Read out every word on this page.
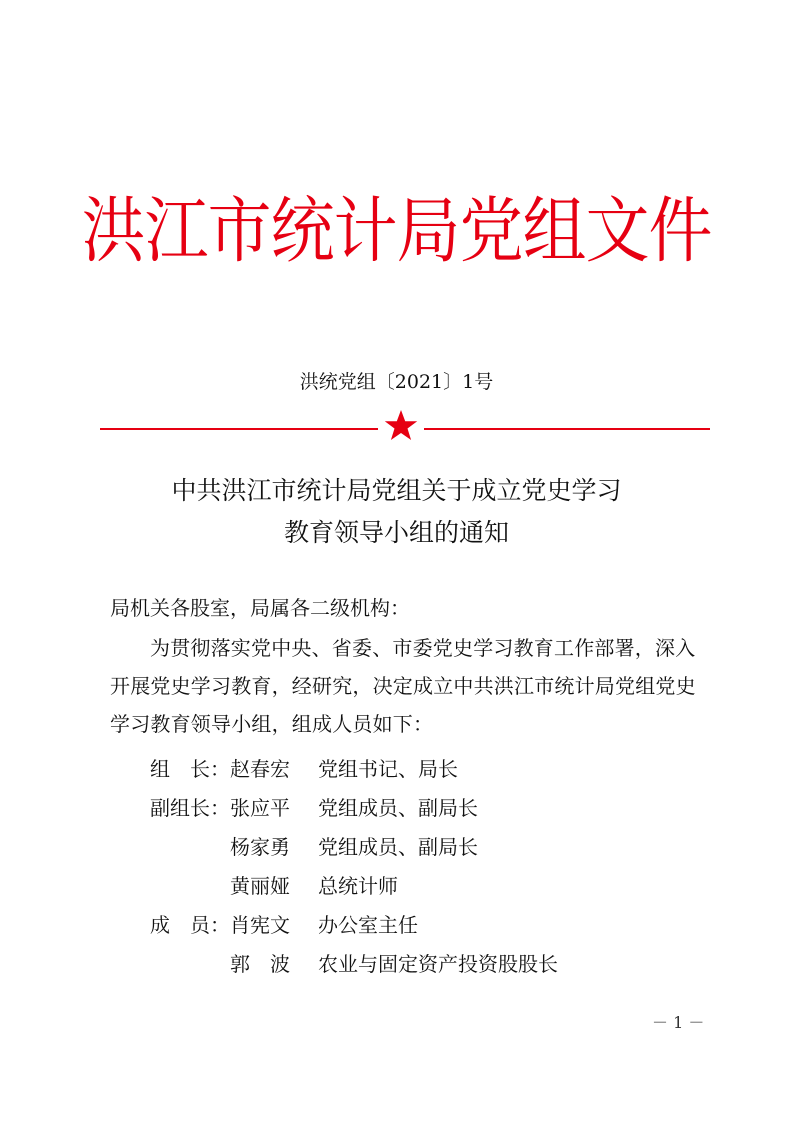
洪江市统计局党组文件
洪统党组〔2021〕1号
中共洪江市统计局党组关于成立党史学习
教育领导小组的通知
局机关各股室，局属各二级机构：
为贯彻落实党中央、省委、市委党史学习教育工作部署，深入开展党史学习教育，经研究，决定成立中共洪江市统计局党组党史学习教育领导小组，组成人员如下：
组　长：赵春宏 党组书记、局长
副组长：张应平 党组成员、副局长
杨家勇 党组成员、副局长
黄丽娅 总统计师
成　员：肖宪文 办公室主任
郭　波 农业与固定资产投资股股长
－ 1 －
